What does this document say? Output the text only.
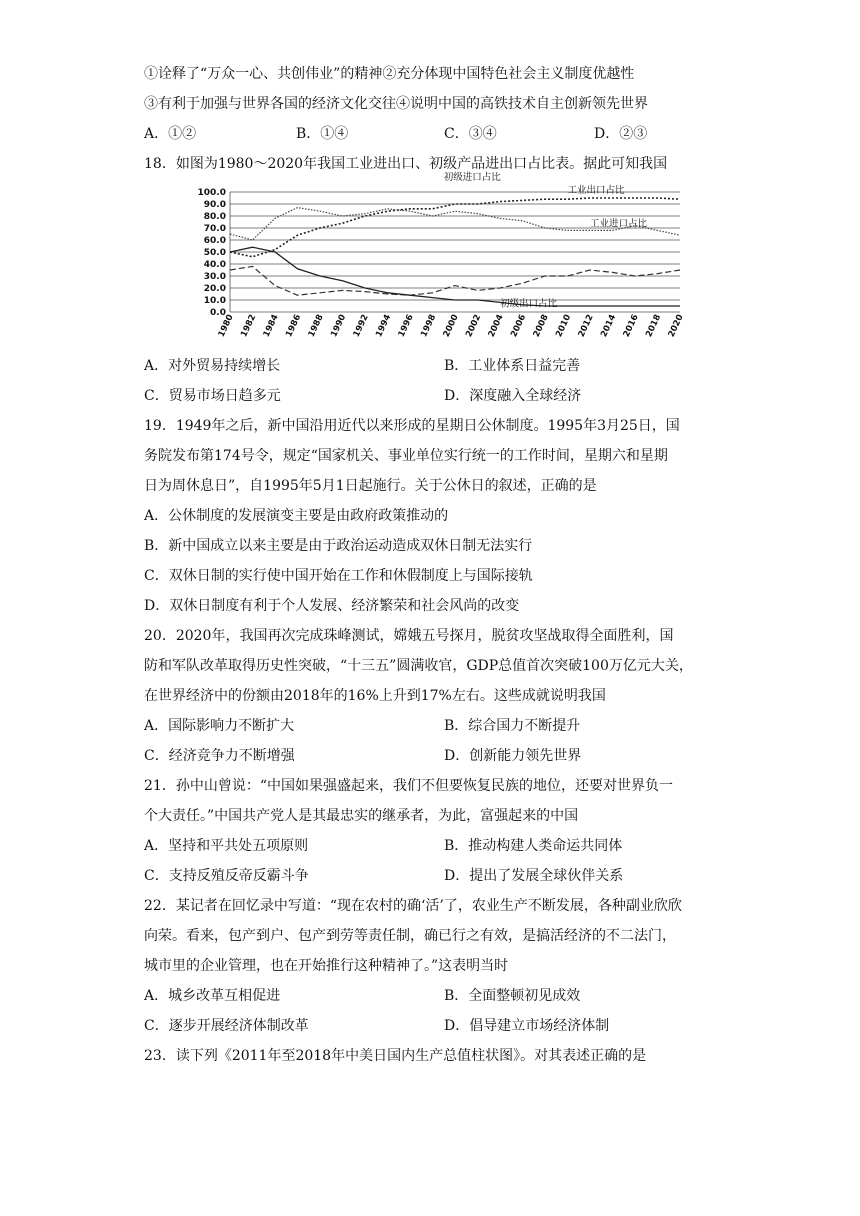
①诠释了“万众一心、共创伟业”的精神②充分体现中国特色社会主义制度优越性
③有利于加强与世界各国的经济文化交往④说明中国的高铁技术自主创新领先世界
A．①②	B．①④	C．③④	D．②③
18．如图为1980～2020年我国工业进出口、初级产品进出口占比表。据此可知我国
0.0
10.0
20.0
30.0
40.0
50.0
60.0
70.0
80.0
90.0
100.0
1980 1982 1984 1986 1988 1990 1992 1994 1996 1998 2000 2002 2004 2006 2008 2010 2012 2014 2016 2018 2020
工业出口占比
工业进口占比
初级进口占比
初级出口占比
A．对外贸易持续增长	B．工业体系日益完善
C．贸易市场日趋多元	D．深度融入全球经济
19．1949年之后，新中国沿用近代以来形成的星期日公休制度。1995年3月25日，国
务院发布第174号令，规定“国家机关、事业单位实行统一的工作时间，星期六和星期
日为周休息日”，自1995年5月1日起施行。关于公休日的叙述，正确的是
A．公休制度的发展演变主要是由政府政策推动的
B．新中国成立以来主要是由于政治运动造成双休日制无法实行
C．双休日制的实行使中国开始在工作和休假制度上与国际接轨
D．双休日制度有利于个人发展、经济繁荣和社会风尚的改变
20．2020年，我国再次完成珠峰测试，嫦娥五号探月，脱贫攻坚战取得全面胜利，国
防和军队改革取得历史性突破，“十三五”圆满收官，GDP总值首次突破100万亿元大关，
在世界经济中的份额由2018年的16%上升到17%左右。这些成就说明我国
A．国际影响力不断扩大	B．综合国力不断提升
C．经济竞争力不断增强	D．创新能力领先世界
21．孙中山曾说：“中国如果强盛起来，我们不但要恢复民族的地位，还要对世界负一
个大责任。”中国共产党人是其最忠实的继承者，为此，富强起来的中国
A．坚持和平共处五项原则	B．推动构建人类命运共同体
C．支持反殖反帝反霸斗争	D．提出了发展全球伙伴关系
22．某记者在回忆录中写道：“现在农村的确‘活’了，农业生产不断发展，各种副业欣欣
向荣。看来，包产到户、包产到劳等责任制，确已行之有效，是搞活经济的不二法门，
城市里的企业管理，也在开始推行这种精神了。”这表明当时
A．城乡改革互相促进	B．全面整顿初见成效
C．逐步开展经济体制改革	D．倡导建立市场经济体制
23．读下列《2011年至2018年中美日国内生产总值柱状图》。对其表述正确的是
